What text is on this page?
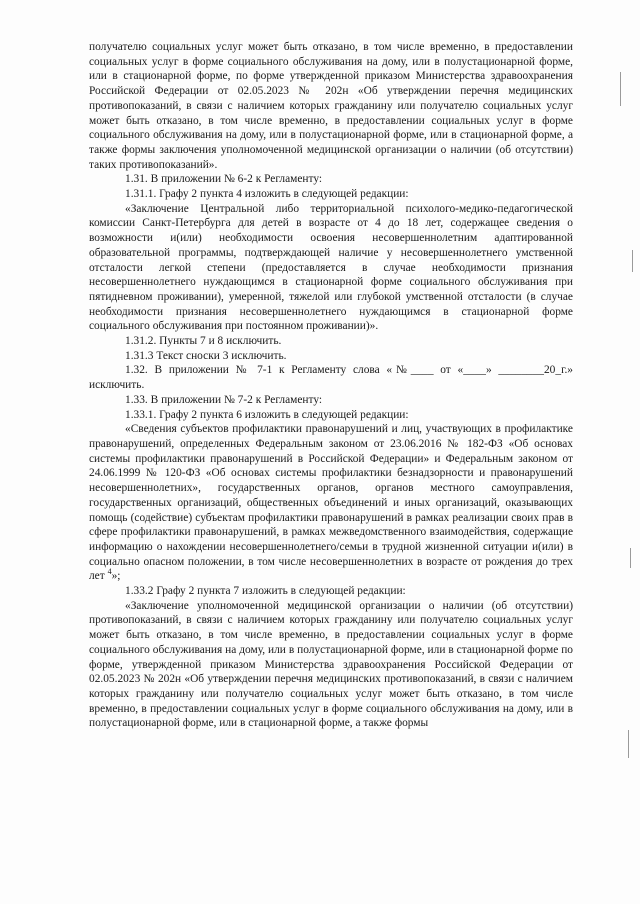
получателю социальных услуг может быть отказано, в том числе временно, в предоставлении социальных услуг в форме социального обслуживания на дому, или в полустационарной форме, или в стационарной форме, по форме утвержденной приказом Министерства здравоохранения Российской Федерации от 02.05.2023 № 202н «Об утверждении перечня медицинских противопоказаний, в связи с наличием которых гражданину или получателю социальных услуг может быть отказано, в том числе временно, в предоставлении социальных услуг в форме социального обслуживания на дому, или в полустационарной форме, или в стационарной форме, а также формы заключения уполномоченной медицинской организации о наличии (об отсутствии) таких противопоказаний».

1.31. В приложении № 6-2 к Регламенту:

1.31.1. Графу 2 пункта 4 изложить в следующей редакции:

«Заключение Центральной либо территориальной психолого-медико-педагогической комиссии Санкт-Петербурга для детей в возрасте от 4 до 18 лет, содержащее сведения о возможности и(или) необходимости освоения несовершеннолетним адаптированной образовательной программы, подтверждающей наличие у несовершеннолетнего умственной отсталости легкой степени (предоставляется в случае необходимости признания несовершеннолетнего нуждающимся в стационарной форме социального обслуживания при пятидневном проживании), умеренной, тяжелой или глубокой умственной отсталости (в случае необходимости признания несовершеннолетнего нуждающимся в стационарной форме социального обслуживания при постоянном проживании)».

1.31.2. Пункты 7 и 8 исключить.

1.31.3 Текст сноски 3 исключить.

1.32. В приложении № 7-1 к Регламенту слова «№____ от «____» ________20_г.» исключить.

1.33. В приложении № 7-2 к Регламенту:

1.33.1. Графу 2 пункта 6 изложить в следующей редакции:

«Сведения субъектов профилактики правонарушений и лиц, участвующих в профилактике правонарушений, определенных Федеральным законом от 23.06.2016 № 182-ФЗ «Об основах системы профилактики правонарушений в Российской Федерации» и Федеральным законом от 24.06.1999 № 120-ФЗ «Об основах системы профилактики безнадзорности и правонарушений несовершеннолетних», государственных органов, органов местного самоуправления, государственных организаций, общественных объединений и иных организаций, оказывающих помощь (содействие) субъектам профилактики правонарушений в рамках реализации своих прав в сфере профилактики правонарушений, в рамках межведомственного взаимодействия, содержащие информацию о нахождении несовершеннолетнего/семьи в трудной жизненной ситуации и(или) в социально опасном положении, в том числе несовершеннолетних в возрасте от рождения до трех лет $^4$»;

1.33.2 Графу 2 пункта 7 изложить в следующей редакции:

«Заключение уполномоченной медицинской организации о наличии (об отсутствии) противопоказаний, в связи с наличием которых гражданину или получателю социальных услуг может быть отказано, в том числе временно, в предоставлении социальных услуг в форме социального обслуживания на дому, или в полустационарной форме, или в стационарной форме по форме, утвержденной приказом Министерства здравоохранения Российской Федерации от 02.05.2023 № 202н «Об утверждении перечня медицинских противопоказаний, в связи с наличием которых гражданину или получателю социальных услуг может быть отказано, в том числе временно, в предоставлении социальных услуг в форме социального обслуживания на дому, или в полустационарной форме, или в стационарной форме, а также формы
